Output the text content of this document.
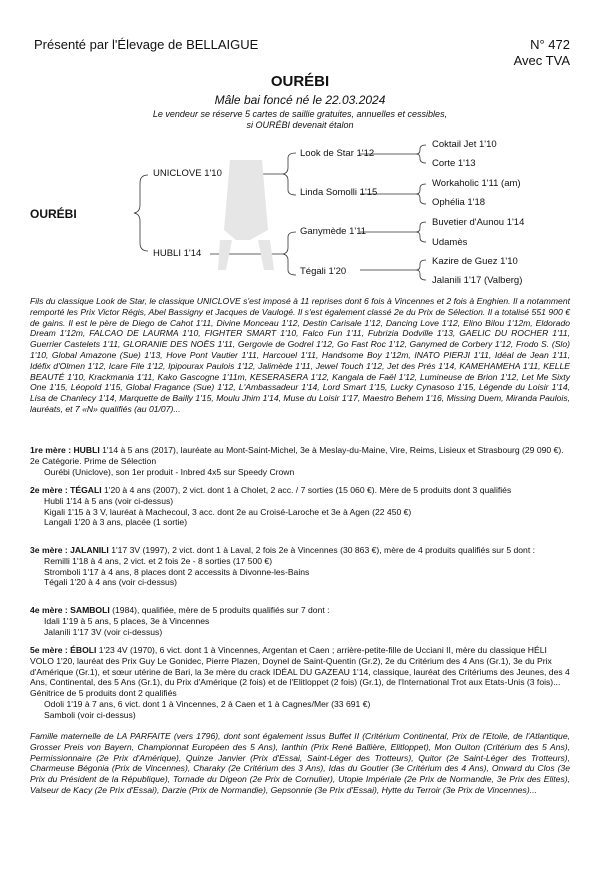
Présenté par l'Élevage de BELLAIGUE	N° 472
Avec TVA
OURÉBI
Mâle bai foncé né le 22.03.2024
Le vendeur se réserve 5 cartes de saillie gratuites, annuelles et cessibles,
si OURÉBI devenait étalon
OURÉBI
UNICLOVE 1'10
HUBLI 1'14
Look de Star 1'12
Linda Somolli 1'15
Ganymède 1'11
Tégali 1'20
Coktail Jet 1'10
Corte 1'13
Workaholic 1'11 (am)
Ophélia 1'18
Buvetier d'Aunou 1'14
Udamès
Kazire de Guez 1'10
Jalanili 1'17 (Valberg)
Fils du classique Look de Star, le classique UNICLOVE s'est imposé à 11 reprises dont 6 fois à Vincennes et 2 fois à Enghien. Il a notamment remporté les Prix Victor Régis, Abel Bassigny et Jacques de Vaulogé. Il s'est également classé 2e du Prix de Sélection. Il a totalisé 551 900 € de gains. Il est le père de Diego de Cahot 1'11, Divine Monceau 1'12, Destin Carisale 1'12, Dancing Love 1'12, Elino Bilou 1'12m, Eldorado Dream 1'12m, FALCAO DE LAURMA 1'10, FIGHTER SMART 1'10, Falco Fun 1'11, Fubrizia Dodville 1'13, GAELIC DU ROCHER 1'11, Guerrier Castelets 1'11, GLORANIE DES NOËS 1'11, Gergovie de Godrel 1'12, Go Fast Roc 1'12, Ganymed de Corbery 1'12, Frodo S. (Slo) 1'10, Global Amazone (Sue) 1'13, Hove Pont Vautier 1'11, Harcouel 1'11, Handsome Boy 1'12m, INATO PIERJI 1'11, Idéal de Jean 1'11, Idéfix d'Olmen 1'12, Icare File 1'12, Ipipourax Paulois 1'12, Jalimède 1'11, Jewel Touch 1'12, Jet des Prés 1'14, KAMEHAMEHA 1'11, KELLE BEAUTÉ 1'10, Krackmania 1'11, Kako Gascogne 1'11m, KESERASERA 1'12, Kangala de Faël 1'12, Lumineuse de Brion 1'12, Let Me Sixty One 1'15, Léopold 1'15, Global Fragance (Sue) 1'12, L'Ambassadeur 1'14, Lord Smart 1'15, Lucky Cynasoso 1'15, Légende du Loisir 1'14, Lisa de Chanlecy 1'14, Marquette de Bailly 1'15, Moulu Jhim 1'14, Muse du Loisir 1'17, Maestro Behem 1'16, Missing Duem, Miranda Paulois, lauréats, et 7 «N» qualifiés (au 01/07)...
1re mère : HUBLI 1'14 à 5 ans (2017), lauréate au Mont-Saint-Michel, 3e à Meslay-du-Maine, Vire, Reims, Lisieux et Strasbourg (29 090 €). 2e Catégorie. Prime de Sélection
Ourébi (Uniclove), son 1er produit - Inbred 4x5 sur Speedy Crown
2e mère : TÉGALI 1'20 à 4 ans (2007), 2 vict. dont 1 à Cholet, 2 acc. / 7 sorties (15 060 €). Mère de 5 produits dont 3 qualifiés
Hubli 1'14 à 5 ans (voir ci-dessus)
Kigali 1'15 à 3 V, lauréat à Machecoul, 3 acc. dont 2e au Croisé-Laroche et 3e à Agen (22 450 €)
Langali 1'20 à 3 ans, placée (1 sortie)
3e mère : JALANILI 1'17 3V (1997), 2 vict. dont 1 à Laval, 2 fois 2e à Vincennes (30 863 €), mère de 4 produits qualifiés sur 5 dont :
Remilli 1'18 à 4 ans, 2 vict. et 2 fois 2e - 8 sorties (17 500 €)
Stromboli 1'17 à 4 ans, 8 places dont 2 accessits à Divonne-les-Bains
Tégali 1'20 à 4 ans (voir ci-dessus)
4e mère : SAMBOLI (1984), qualifiée, mère de 5 produits qualifiés sur 7 dont :
Idali 1'19 à 5 ans, 5 places, 3e à Vincennes
Jalanili 1'17 3V (voir ci-dessus)
5e mère : ÉBOLI 1'23 4V (1970), 6 vict. dont 1 à Vincennes, Argentan et Caen ; arrière-petite-fille de Ucciani II, mère du classique HÉLI VOLO 1'20, lauréat des Prix Guy Le Gonidec, Pierre Plazen, Doynel de Saint-Quentin (Gr.2), 2e du Critérium des 4 Ans (Gr.1), 3e du Prix d'Amérique (Gr.1), et sœur utérine de Bari, la 3e mère du crack IDÉAL DU GAZEAU 1'14, classique, lauréat des Critériums des Jeunes, des 4 Ans, Continental, des 5 Ans (Gr.1), du Prix d'Amérique (2 fois) et de l'Elitloppet (2 fois) (Gr.1), de l'International Trot aux Etats-Unis (3 fois)... Génitrice de 5 produits dont 2 qualifiés
Odoli 1'19 à 7 ans, 6 vict. dont 1 à Vincennes, 2 à Caen et 1 à Cagnes/Mer (33 691 €)
Samboli (voir ci-dessus)
Famille maternelle de LA PARFAITE (vers 1796), dont sont également issus Buffet II (Critérium Continental, Prix de l'Etoile, de l'Atlantique, Grosser Preis von Bayern, Championnat Européen des 5 Ans), Ianthin (Prix René Ballière, Elitloppet), Mon Ouiton (Critérium des 5 Ans), Permissionnaire (2e Prix d'Amérique), Quinze Janvier (Prix d'Essai, Saint-Léger des Trotteurs), Quitor (2e Saint-Léger des Trotteurs), Charmeuse Bégonia (Prix de Vincennes), Charaky (2e Critérium des 3 Ans), Idas du Goutier (3e Critérium des 4 Ans), Onward du Clos (3e Prix du Président de la République), Tornade du Digeon (2e Prix de Cornulier), Utopie Impériale (2e Prix de Normandie, 3e Prix des Elites), Valseur de Kacy (2e Prix d'Essai), Darzie (Prix de Normandie), Gepsonnie (3e Prix d'Essai), Hytte du Terroir (3e Prix de Vincennes)...
